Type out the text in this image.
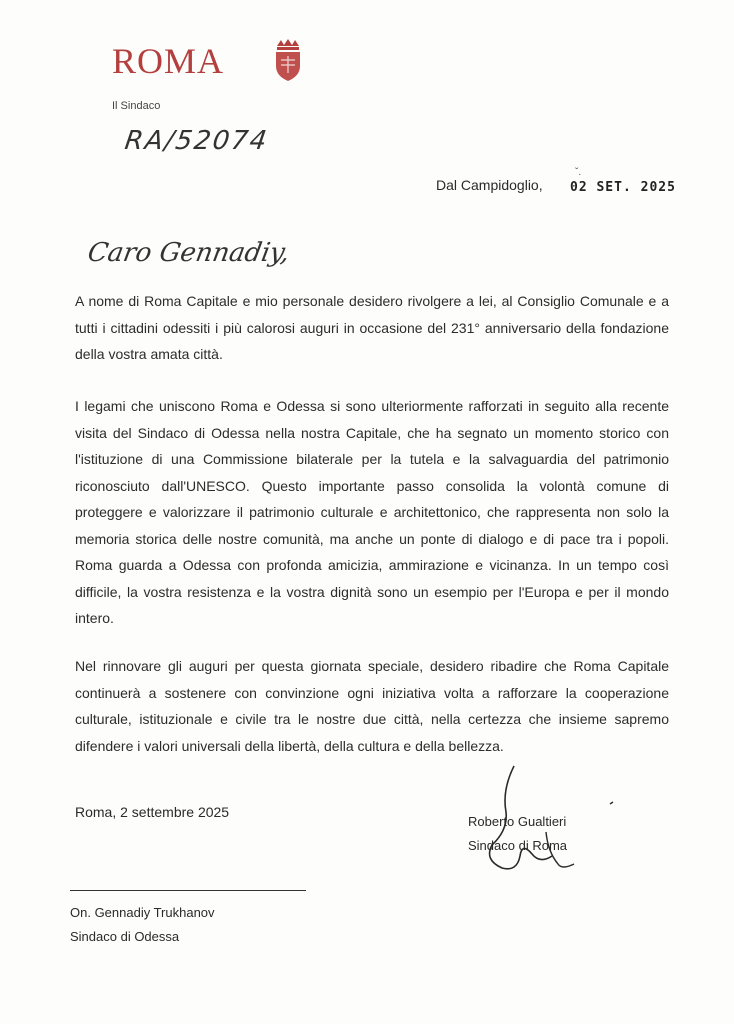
ROMA
Il Sindaco
RA/52074
Dal Campidoglio,
ˇ.
02 SET. 2025
Caro Gennadiy,
A nome di Roma Capitale e mio personale desidero rivolgere a lei, al Consiglio Comunale e a tutti i cittadini odessiti i più calorosi auguri in occasione del 231° anniversario della fondazione della vostra amata città.
I legami che uniscono Roma e Odessa si sono ulteriormente rafforzati in seguito alla recente visita del Sindaco di Odessa nella nostra Capitale, che ha segnato un momento storico con l'istituzione di una Commissione bilaterale per la tutela e la salvaguardia del patrimonio riconosciuto dall'UNESCO. Questo importante passo consolida la volontà comune di proteggere e valorizzare il patrimonio culturale e architettonico, che rappresenta non solo la memoria storica delle nostre comunità, ma anche un ponte di dialogo e di pace tra i popoli. Roma guarda a Odessa con profonda amicizia, ammirazione e vicinanza. In un tempo così difficile, la vostra resistenza e la vostra dignità sono un esempio per l'Europa e per il mondo intero.
Nel rinnovare gli auguri per questa giornata speciale, desidero ribadire che Roma Capitale continuerà a sostenere con convinzione ogni iniziativa volta a rafforzare la cooperazione culturale, istituzionale e civile tra le nostre due città, nella certezza che insieme sapremo difendere i valori universali della libertà, della cultura e della bellezza.
Roma, 2 settembre 2025
Roberto Gualtieri
Sindaco di Roma
On. Gennadiy Trukhanov
Sindaco di Odessa
